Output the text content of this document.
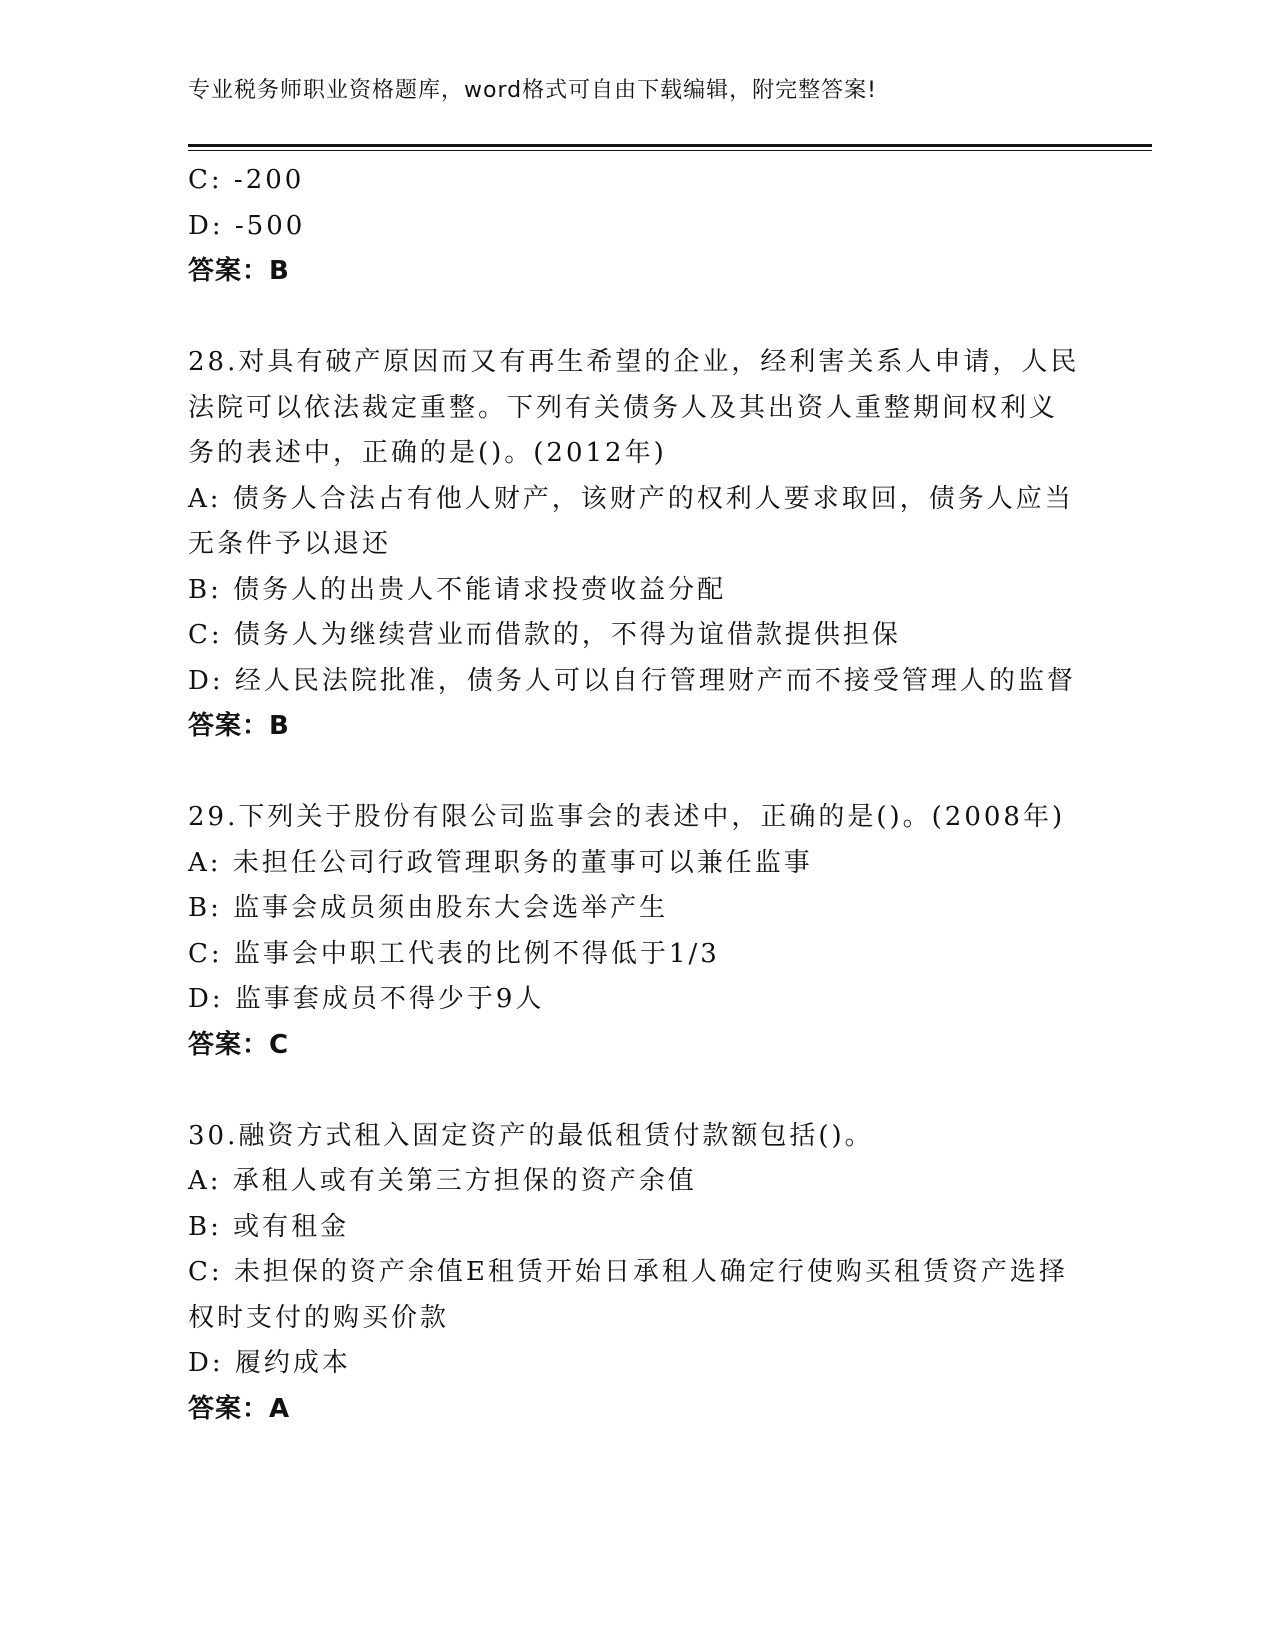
专业税务师职业资格题库，word格式可自由下载编辑，附完整答案!
C: -200
D: -500
答案：B
28.对具有破产原因而又有再生希望的企业，经利害关系人申请，人民
法院可以依法裁定重整。下列有关债务人及其出资人重整期间权利义
务的表述中，正确的是()。(2012年)
A: 债务人合法占有他人财产，该财产的权利人要求取回，债务人应当
无条件予以退还
B: 债务人的出贵人不能请求投赍收益分配
C: 债务人为继续营业而借款的，不得为谊借款提供担保
D: 经人民法院批准，债务人可以自行管理财产而不接受管理人的监督
答案：B
29.下列关于股份有限公司监事会的表述中，正确的是()。(2008年)
A: 未担任公司行政管理职务的董事可以兼任监事
B: 监事会成员须由股东大会选举产生
C: 监事会中职工代表的比例不得低于1/3
D: 监事套成员不得少于9人
答案：C
30.融资方式租入固定资产的最低租赁付款额包括()。
A: 承租人或有关第三方担保的资产余值
B: 或有租金
C: 未担保的资产余值E租赁开始日承租人确定行使购买租赁资产选择
权时支付的购买价款
D: 履约成本
答案：A
